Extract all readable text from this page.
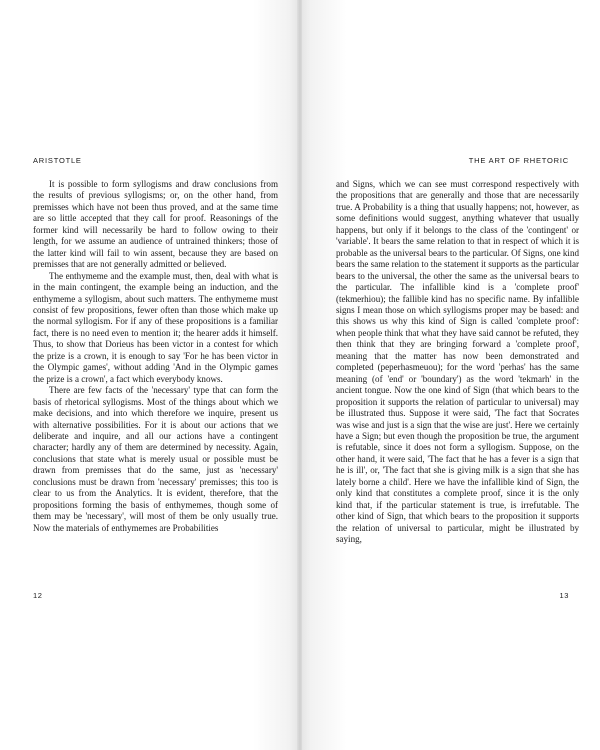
ARISTOTLE

It is possible to form syllogisms and draw conclusions from the results of previous syllogisms; or, on the other hand, from premisses which have not been thus proved, and at the same time are so little accepted that they call for proof. Reasonings of the former kind will necessarily be hard to follow owing to their length, for we assume an audience of untrained thinkers; those of the latter kind will fail to win assent, because they are based on premisses that are not generally admitted or believed.

The enthymeme and the example must, then, deal with what is in the main contingent, the example being an induction, and the enthymeme a syllogism, about such matters. The enthymeme must consist of few propositions, fewer often than those which make up the normal syllogism. For if any of these propositions is a familiar fact, there is no need even to mention it; the hearer adds it himself. Thus, to show that Dorieus has been victor in a contest for which the prize is a crown, it is enough to say 'For he has been victor in the Olympic games', without adding 'And in the Olympic games the prize is a crown', a fact which everybody knows.

There are few facts of the 'necessary' type that can form the basis of rhetorical syllogisms. Most of the things about which we make decisions, and into which therefore we inquire, present us with alternative possibilities. For it is about our actions that we deliberate and inquire, and all our actions have a contingent character; hardly any of them are determined by necessity. Again, conclusions that state what is merely usual or possible must be drawn from premisses that do the same, just as 'necessary' conclusions must be drawn from 'necessary' premisses; this too is clear to us from the Analytics. It is evident, therefore, that the propositions forming the basis of enthymemes, though some of them may be 'necessary', will most of them be only usually true. Now the materials of enthymemes are Probabilities

12
THE ART OF RHETORIC

and Signs, which we can see must correspond respectively with the propositions that are generally and those that are necessarily true. A Probability is a thing that usually happens; not, however, as some definitions would suggest, anything whatever that usually happens, but only if it belongs to the class of the 'contingent' or 'variable'. It bears the same relation to that in respect of which it is probable as the universal bears to the particular. Of Signs, one kind bears the same relation to the statement it supports as the particular bears to the universal, the other the same as the universal bears to the particular. The infallible kind is a 'complete proof' (tekmerhiou); the fallible kind has no specific name. By infallible signs I mean those on which syllogisms proper may be based: and this shows us why this kind of Sign is called 'complete proof': when people think that what they have said cannot be refuted, they then think that they are bringing forward a 'complete proof', meaning that the matter has now been demonstrated and completed (peperhasmeuou); for the word 'perhas' has the same meaning (of 'end' or 'boundary') as the word 'tekmarh' in the ancient tongue. Now the one kind of Sign (that which bears to the proposition it supports the relation of particular to universal) may be illustrated thus. Suppose it were said, 'The fact that Socrates was wise and just is a sign that the wise are just'. Here we certainly have a Sign; but even though the proposition be true, the argument is refutable, since it does not form a syllogism. Suppose, on the other hand, it were said, 'The fact that he has a fever is a sign that he is ill', or, 'The fact that she is giving milk is a sign that she has lately borne a child'. Here we have the infallible kind of Sign, the only kind that constitutes a complete proof, since it is the only kind that, if the particular statement is true, is irrefutable. The other kind of Sign, that which bears to the proposition it supports the relation of universal to particular, might be illustrated by saying,

13
